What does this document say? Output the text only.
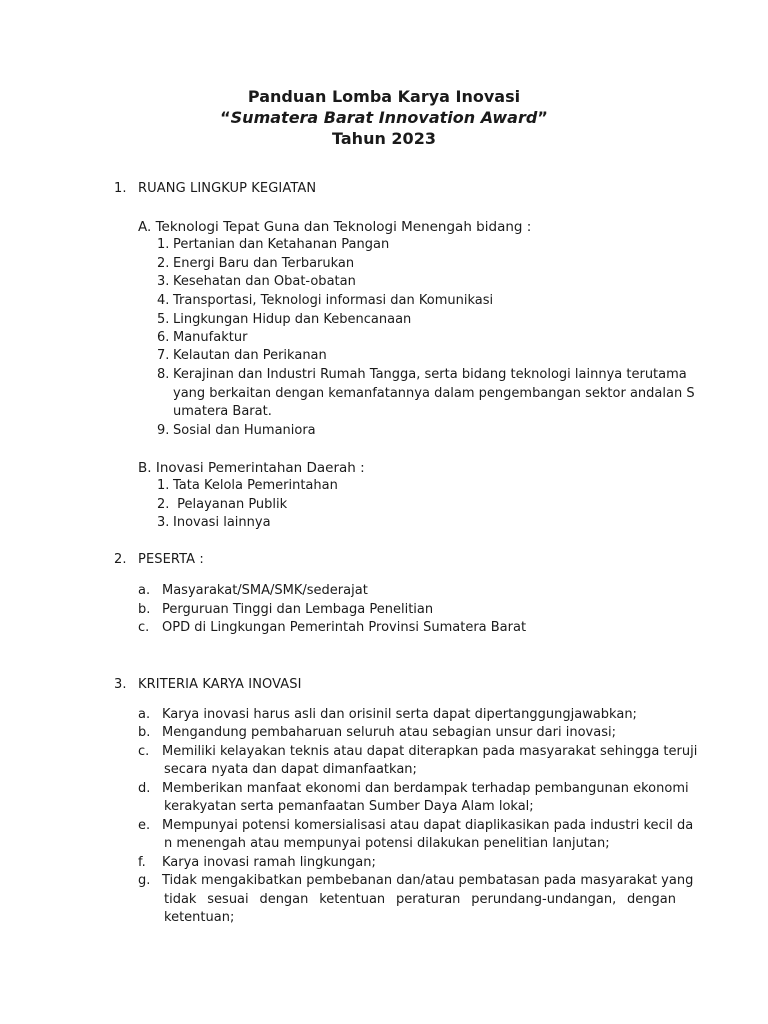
Panduan Lomba Karya Inovasi
“Sumatera Barat Innovation Award”
Tahun 2023
1. RUANG LINGKUP KEGIATAN
A. Teknologi Tepat Guna dan Teknologi Menengah bidang :
1. Pertanian dan Ketahanan Pangan
2. Energi Baru dan Terbarukan
3. Kesehatan dan Obat-obatan
4. Transportasi, Teknologi informasi dan Komunikasi
5. Lingkungan Hidup dan Kebencanaan
6. Manufaktur
7. Kelautan dan Perikanan
8. Kerajinan dan Industri Rumah Tangga, serta bidang teknologi lainnya terutama
yang berkaitan dengan kemanfatannya dalam pengembangan sektor andalan S
umatera Barat.
9. Sosial dan Humaniora
B. Inovasi Pemerintahan Daerah :
1. Tata Kelola Pemerintahan
2. Pelayanan Publik
3. Inovasi lainnya
2. PESERTA :
a. Masyarakat/SMA/SMK/sederajat
b. Perguruan Tinggi dan Lembaga Penelitian
c. OPD di Lingkungan Pemerintah Provinsi Sumatera Barat
3. KRITERIA KARYA INOVASI
a. Karya inovasi harus asli dan orisinil serta dapat dipertanggungjawabkan;
b. Mengandung pembaharuan seluruh atau sebagian unsur dari inovasi;
c. Memiliki kelayakan teknis atau dapat diterapkan pada masyarakat sehingga teruji
secara nyata dan dapat dimanfaatkan;
d. Memberikan manfaat ekonomi dan berdampak terhadap pembangunan ekonomi
kerakyatan serta pemanfaatan Sumber Daya Alam lokal;
e. Mempunyai potensi komersialisasi atau dapat diaplikasikan pada industri kecil da
n menengah atau mempunyai potensi dilakukan penelitian lanjutan;
f. Karya inovasi ramah lingkungan;
g. Tidak mengakibatkan pembebanan dan/atau pembatasan pada masyarakat yang
tidak sesuai dengan ketentuan peraturan perundang-undangan, dengan
ketentuan;
